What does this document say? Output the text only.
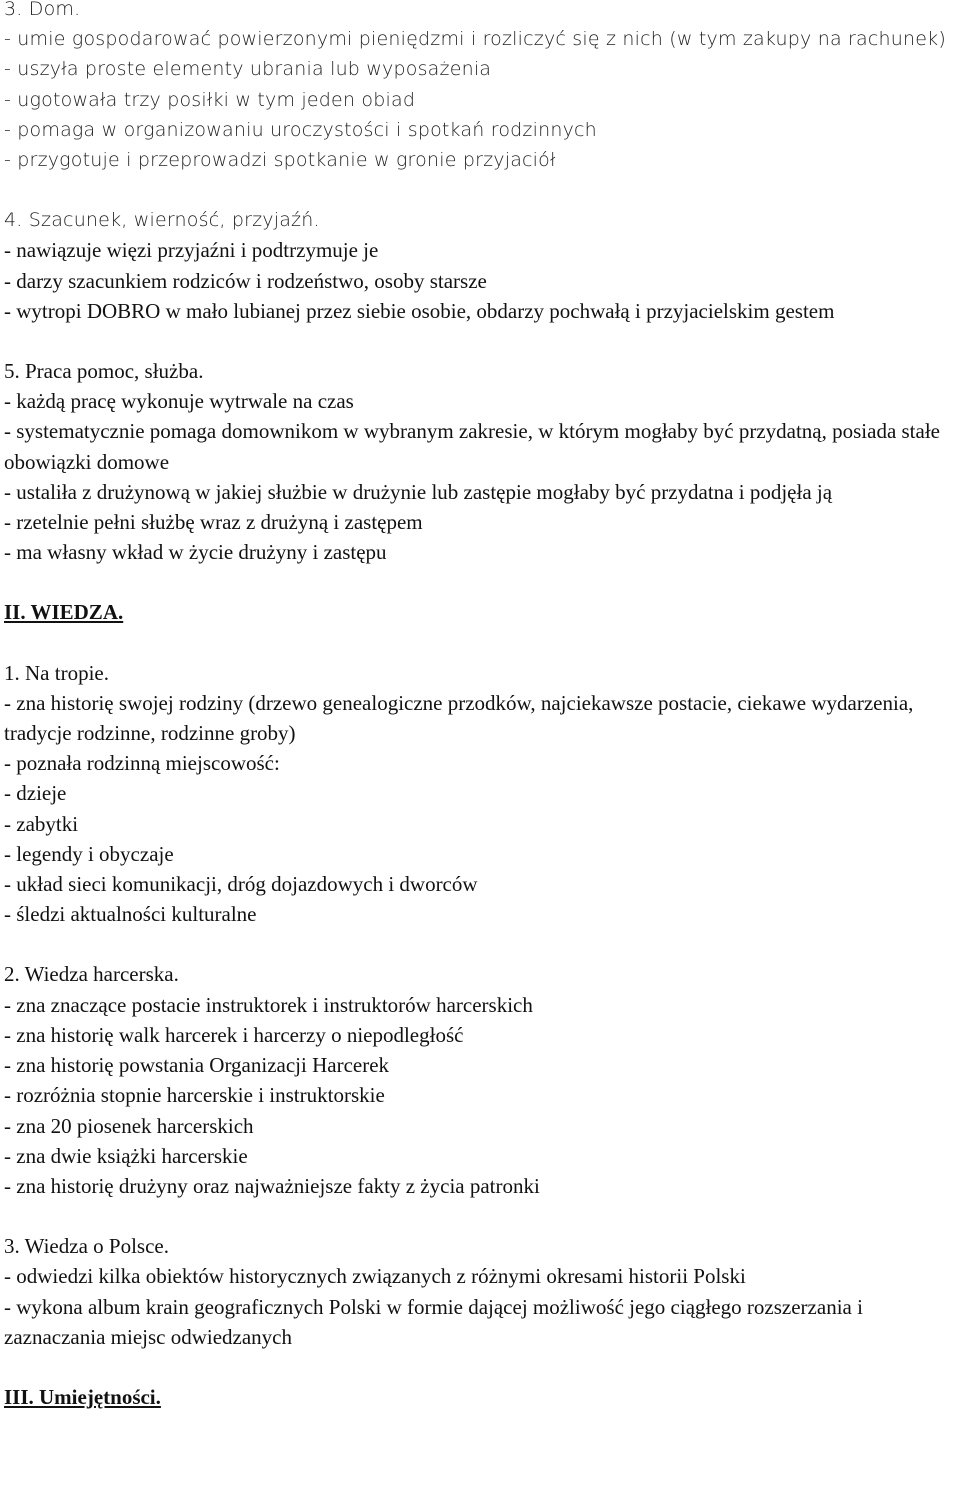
3. Dom.
- umie gospodarować powierzonymi pieniędzmi i rozliczyć się z nich (w tym zakupy na rachunek)
- uszyła proste elementy ubrania lub wyposażenia
- ugotowała trzy posiłki w tym jeden obiad
- pomaga w organizowaniu uroczystości i spotkań rodzinnych
- przygotuje i przeprowadzi spotkanie w gronie przyjaciół
4. Szacunek, wierność, przyjaźń.
- nawiązuje więzi przyjaźni i podtrzymuje je
- darzy szacunkiem rodziców i rodzeństwo, osoby starsze
- wytropi DOBRO w mało lubianej przez siebie osobie, obdarzy pochwałą i przyjacielskim gestem
5. Praca pomoc, służba.
- każdą pracę wykonuje wytrwale na czas
- systematycznie pomaga domownikom w wybranym zakresie, w którym mogłaby być przydatną, posiada stałe obowiązki domowe
- ustaliła z drużynową w jakiej służbie w drużynie lub zastępie mogłaby być przydatna i podjęła ją
- rzetelnie pełni służbę wraz z drużyną i zastępem
- ma własny wkład w życie drużyny i zastępu
II. WIEDZA.
1. Na tropie.
- zna historię swojej rodziny (drzewo genealogiczne przodków, najciekawsze postacie, ciekawe wydarzenia, tradycje rodzinne, rodzinne groby)
- poznała rodzinną miejscowość:
- dzieje
- zabytki
- legendy i obyczaje
- układ sieci komunikacji, dróg dojazdowych i dworców
- śledzi aktualności kulturalne
2. Wiedza harcerska.
- zna znaczące postacie instruktorek i instruktorów harcerskich
- zna historię walk harcerek i harcerzy o niepodległość
- zna historię powstania Organizacji Harcerek
- rozróżnia stopnie harcerskie i instruktorskie
- zna 20 piosenek harcerskich
- zna dwie książki harcerskie
- zna historię drużyny oraz najważniejsze fakty z życia patronki
3. Wiedza o Polsce.
- odwiedzi kilka obiektów historycznych związanych z różnymi okresami historii Polski
- wykona album krain geograficznych Polski w formie dającej możliwość jego ciągłego rozszerzania i zaznaczania miejsc odwiedzanych
III. Umiejętności.
